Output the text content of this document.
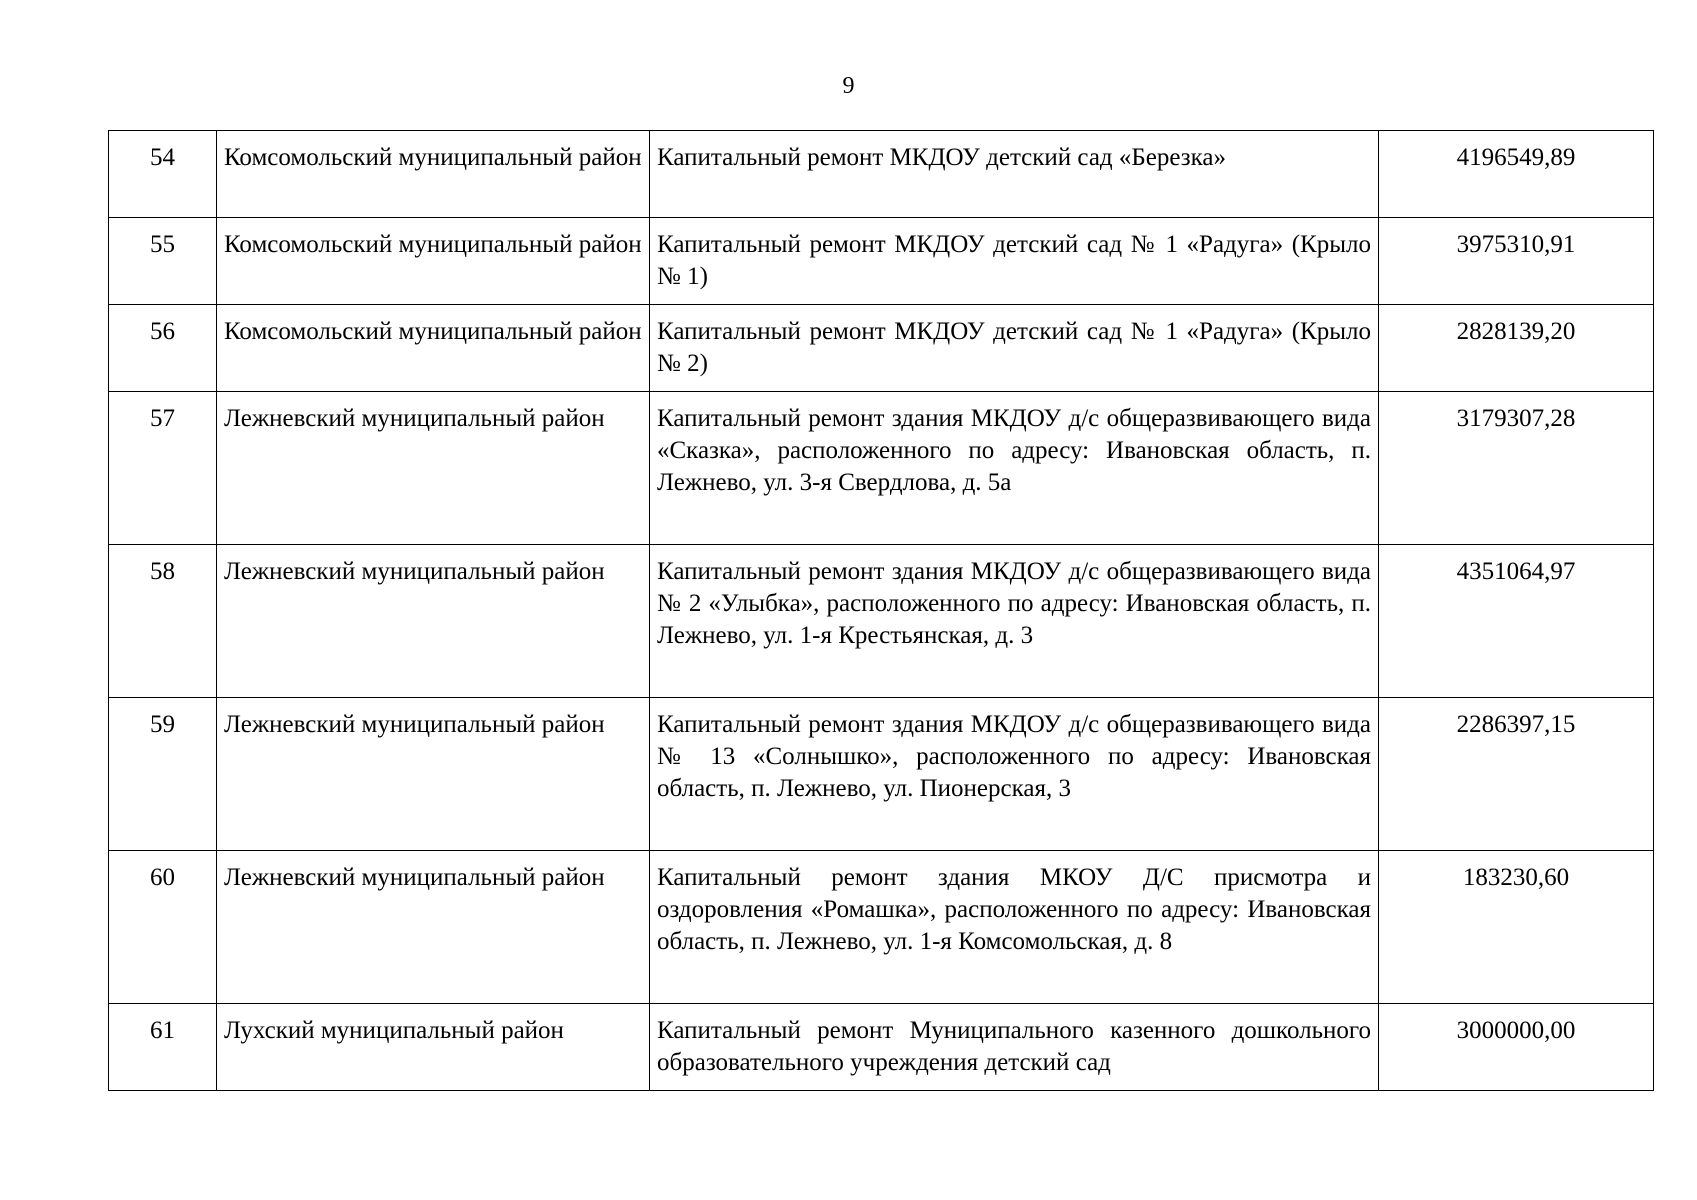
9
54	Комсомольский муниципальный район	Капитальный ремонт МКДОУ детский сад «Березка»	4196549,89
55	Комсомольский муниципальный район	Капитальный ремонт МКДОУ детский сад № 1 «Радуга» (Крыло № 1)	3975310,91
56	Комсомольский муниципальный район	Капитальный ремонт МКДОУ детский сад № 1 «Радуга» (Крыло № 2)	2828139,20
57	Лежневский муниципальный район	Капитальный ремонт здания МКДОУ д/с общеразвивающего вида «Сказка», расположенного по адресу: Ивановская область, п. Лежнево, ул. 3-я Свердлова, д. 5а	3179307,28
58	Лежневский муниципальный район	Капитальный ремонт здания МКДОУ д/с общеразвивающего вида № 2 «Улыбка», расположенного по адресу: Ивановская область, п. Лежнево, ул. 1-я Крестьянская, д. 3	4351064,97
59	Лежневский муниципальный район	Капитальный ремонт здания МКДОУ д/с общеразвивающего вида № 13 «Солнышко», расположенного по адресу: Ивановская область, п. Лежнево, ул. Пионерская, 3	2286397,15
60	Лежневский муниципальный район	Капитальный ремонт здания МКОУ Д/С присмотра и оздоровления «Ромашка», расположенного по адресу: Ивановская область, п. Лежнево, ул. 1-я Комсомольская, д. 8	183230,60
61	Лухский муниципальный район	Капитальный ремонт Муниципального казенного дошкольного образовательного учреждения детский сад	3000000,00
